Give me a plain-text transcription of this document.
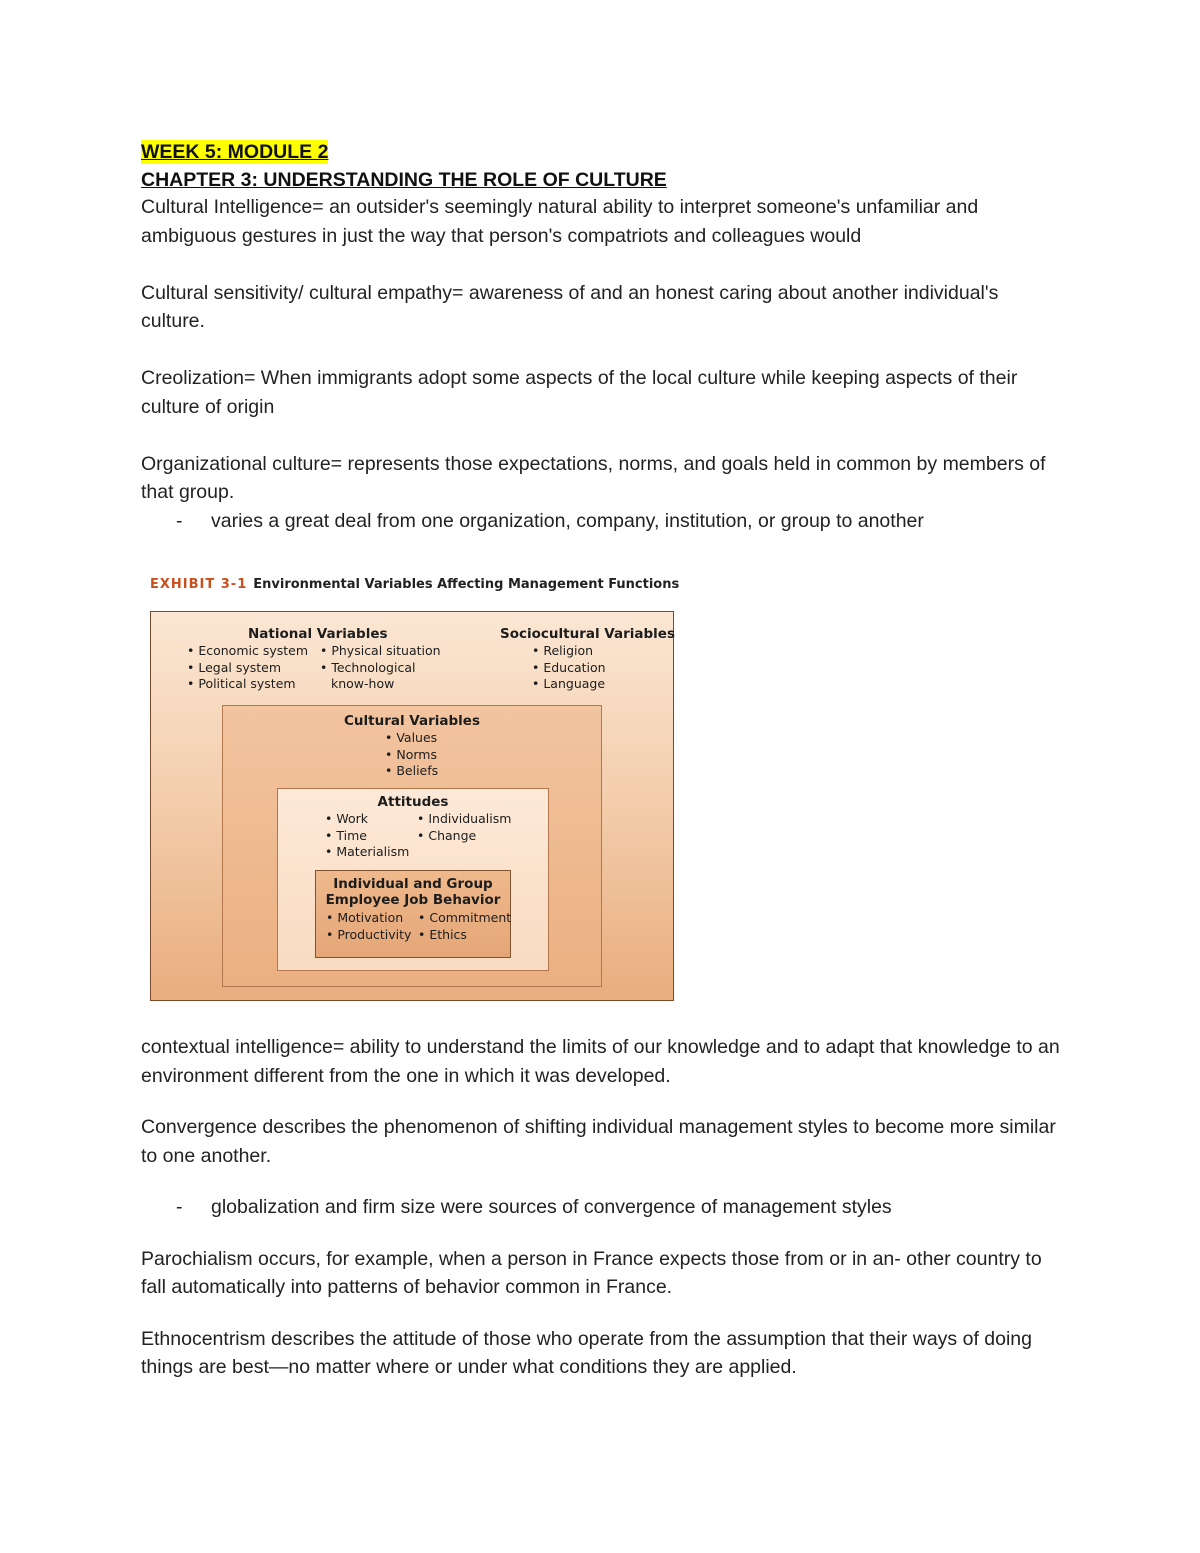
WEEK 5: MODULE 2
CHAPTER 3: UNDERSTANDING THE ROLE OF CULTURE

Cultural Intelligence= an outsider's seemingly natural ability to interpret someone's unfamiliar and ambiguous gestures in just the way that person's compatriots and colleagues would

Cultural sensitivity/ cultural empathy= awareness of and an honest caring about another individual's culture.

Creolization= When immigrants adopt some aspects of the local culture while keeping aspects of their culture of origin

Organizational culture= represents those expectations, norms, and goals held in common by members of that group.

- varies a great deal from one organization, company, institution, or group to another
EXHIBIT 3-1 Environmental Variables Affecting Management Functions
National Variables
• Economic system
• Legal system
• Political system
• Physical situation
• Technological
know-how
Sociocultural Variables
• Religion
• Education
• Language
Cultural Variables
• Values
• Norms
• Beliefs
Attitudes
• Work
• Time
• Materialism
• Individualism
• Change
Individual and Group
Employee Job Behavior
• Motivation
• Productivity
• Commitment
• Ethics

contextual intelligence= ability to understand the limits of our knowledge and to adapt that knowledge to an environment different from the one in which it was developed.

Convergence describes the phenomenon of shifting individual management styles to become more similar to one another.

- globalization and firm size were sources of convergence of management styles

Parochialism occurs, for example, when a person in France expects those from or in an- other country to fall automatically into patterns of behavior common in France.

Ethnocentrism describes the attitude of those who operate from the assumption that their ways of doing things are best—no matter where or under what conditions they are applied.
